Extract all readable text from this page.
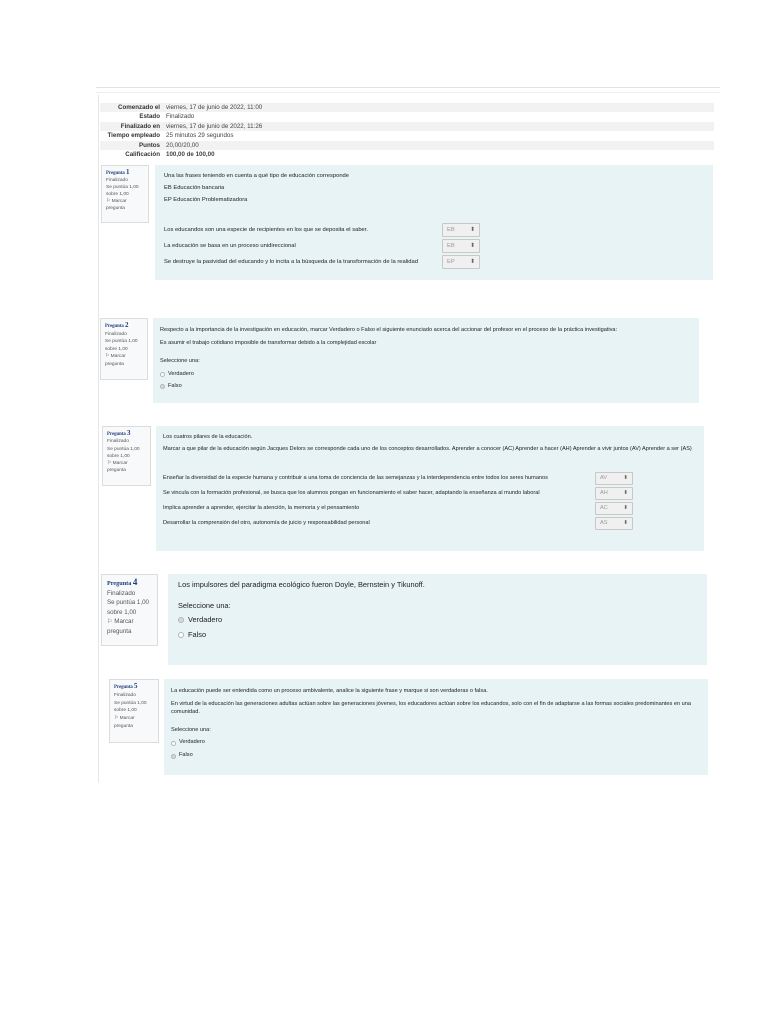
Comenzado el viernes, 17 de junio de 2022, 11:00
Estado Finalizado
Finalizado en viernes, 17 de junio de 2022, 11:26
Tiempo empleado 25 minutos 29 segundos
Puntos 20,00/20,00
Calificación 100,00 de 100,00
Pregunta 1
Finalizado
Se puntúa 1,00
sobre 1,00
⚐ Marcar
pregunta
Una las frases teniendo en cuenta a qué tipo de educación corresponde
EB Educación bancaria
EP Educación Problematizadora
Los educandos son una especie de recipientes en los que se deposita el saber.	EB	⬍
La educación se basa en un proceso unidireccional	EB	⬍
Se destruye la pasividad del educando y lo incita a la búsqueda de la transformación de la realidad	EP	⬍
Pregunta 2
Finalizado
Se puntúa 1,00
sobre 1,00
⚐ Marcar
pregunta
Respecto a la importancia de la investigación en educación, marcar Verdadero o Falso el siguiente enunciado acerca del accionar del profesor en el proceso de la práctica investigativa:
Es asumir el trabajo cotidiano imposible de transformar debido a la complejidad escolar
Seleccione una:
Verdadero
Falso
Pregunta 3
Finalizado
Se puntúa 1,00
sobre 1,00
⚐ Marcar
pregunta
Los cuatros pilares de la educación.
Marcar a que pilar de la educación según Jacques Delors se corresponde cada uno de los conceptos desarrollados. Aprender a conocer (AC) Aprender a hacer (AH) Aprender a vivir juntos (AV) Aprender a ser (AS)
Enseñar la diversidad de la especie humana y contribuir a una toma de conciencia de las semejanzas y la interdependencia entre todos los seres humanos	AV	⬍
Se vincula con la formación profesional, se busca que los alumnos pongan en funcionamiento el saber hacer, adaptando la enseñanza al mundo laboral	AH	⬍
Implica aprender a aprender, ejercitar la atención, la memoria y el pensamiento	AC	⬍
Desarrollar la comprensión del otro, autonomía de juicio y responsabilidad personal	AS	⬍
Pregunta 4
Finalizado
Se puntúa 1,00
sobre 1,00
⚐ Marcar
pregunta
Los impulsores del paradigma ecológico fueron Doyle, Bernstein y Tikunoff.
Seleccione una:
Verdadero
Falso
Pregunta 5
Finalizado
Se puntúa 1,00
sobre 1,00
⚐ Marcar
pregunta
La educación puede ser entendida como un proceso ambivalente, analice la siguiente frase y marque si son verdaderas o falsa.
En virtud de la educación las generaciones adultas actúan sobre las generaciones jóvenes, los educadores actúan sobre los educandos, solo con el fin de adaptarse a las formas sociales predominantes en una comunidad.
Seleccione una:
Verdadero
Falso
